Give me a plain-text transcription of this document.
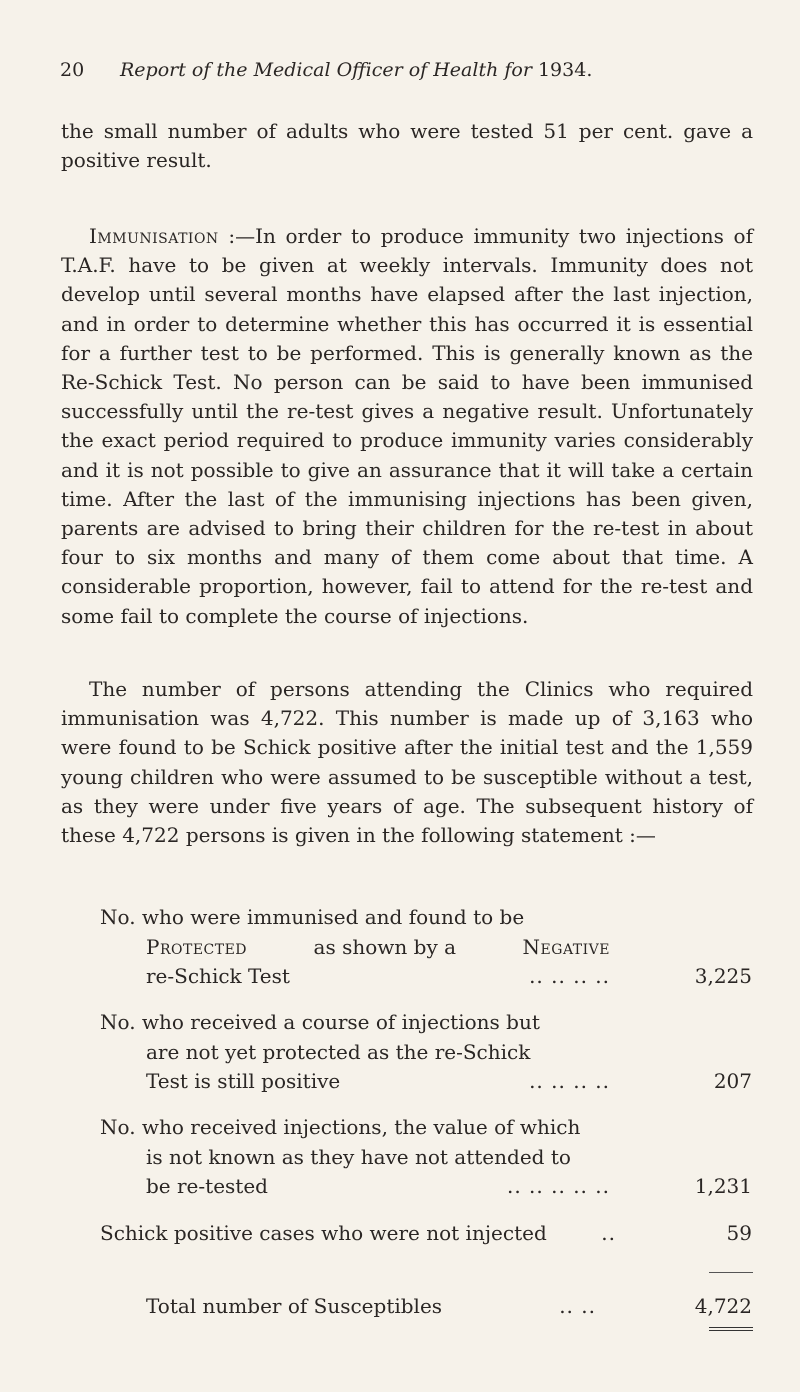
20 Report of the Medical Officer of Health for 1934.
the small number of adults who were tested 51 per cent. gave a positive result.
Immunisation :—In order to produce immunity two injections of T.A.F. have to be given at weekly intervals. Immunity does not develop until several months have elapsed after the last injection, and in order to determine whether this has occurred it is essential for a further test to be performed. This is generally known as the Re-Schick Test. No person can be said to have been immunised successfully until the re-test gives a negative result. Unfortunately the exact period required to produce immunity varies considerably and it is not possible to give an assurance that it will take a certain time. After the last of the immunising injections has been given, parents are advised to bring their children for the re-test in about four to six months and many of them come about that time. A considerable proportion, however, fail to attend for the re-test and some fail to complete the course of injections.
The number of persons attending the Clinics who required immunisation was 4,722. This number is made up of 3,163 who were found to be Schick positive after the initial test and the 1,559 young children who were assumed to be susceptible without a test, as they were under five years of age. The subsequent history of these 4,722 persons is given in the following statement :—
No. who were immunised and found to be
Protected	as shown by a	Negative
re-Schick Test	.. .. .. ..	3,225
No. who received a course of injections but
are not yet protected as the re-Schick
Test is still positive	.. .. .. ..	207
No. who received injections, the value of which
is not known as they have not attended to
be re-tested	.. .. .. .. ..	1,231
Schick positive cases who were not injected	..	59
Total number of Susceptibles	.. ..	4,722
